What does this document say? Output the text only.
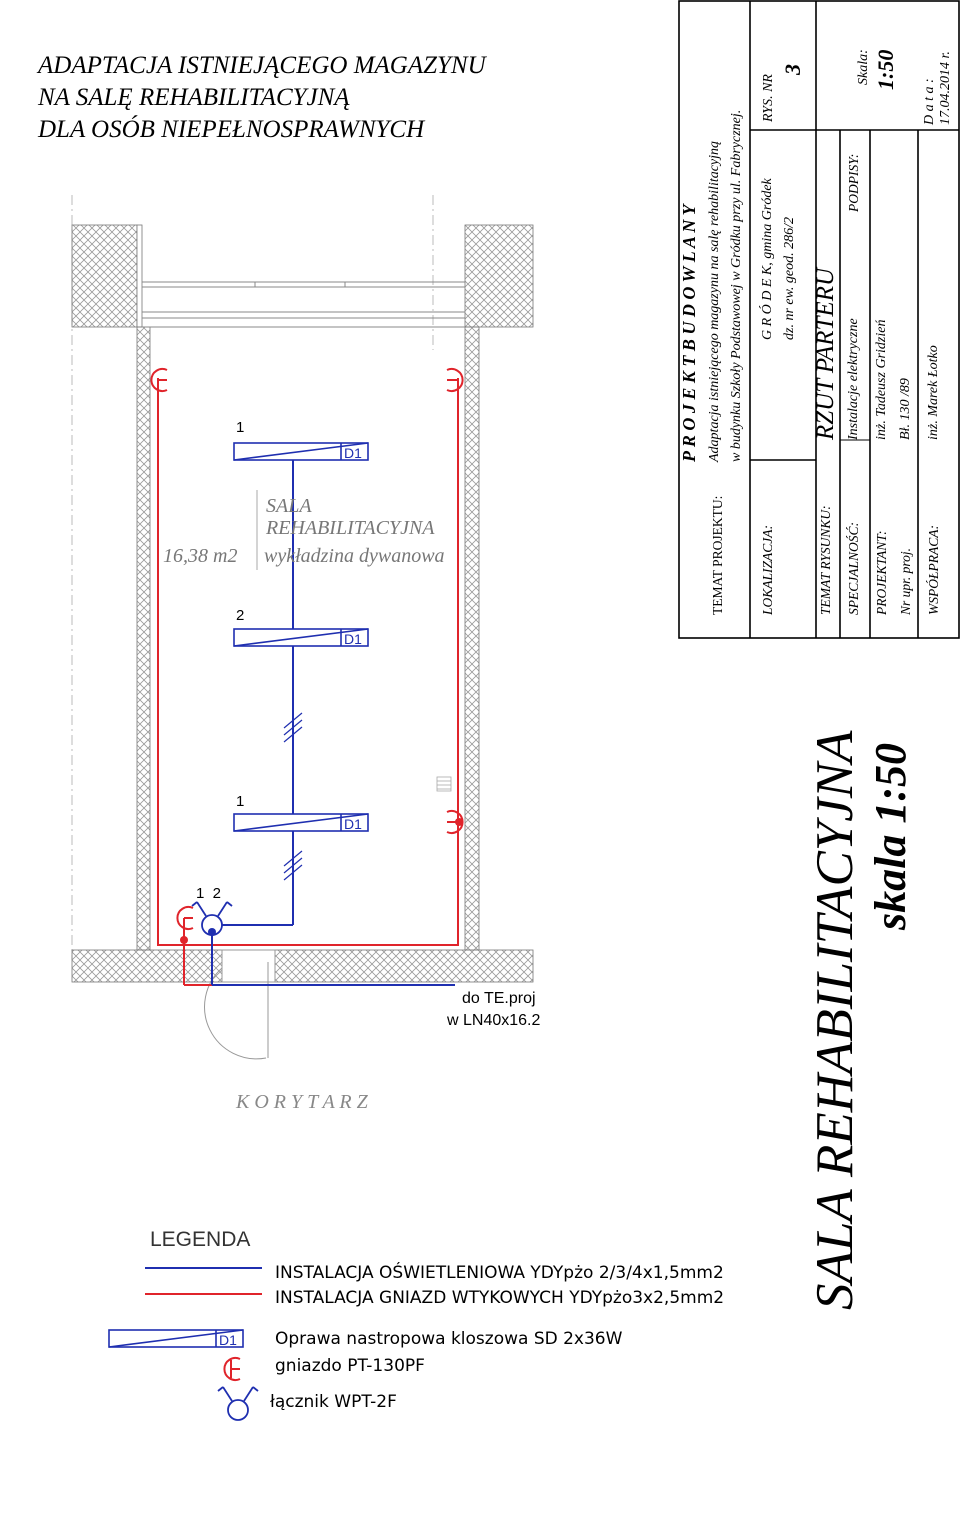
ADAPTACJA ISTNIEJĄCEGO MAGAZYNU
NA SALĘ REHABILITACYJNĄ
DLA OSÓB NIEPEŁNOSPRAWNYCH
D1
D1
D1
1
2
1
1  2
SALA
REHABILITACYJNA
16,38 m2 wykładzina dywanowa
do TE.proj
w LN40x16.2
K O R Y T A R Z
LEGENDA
D1
INSTALACJA OŚWIETLENIOWA YDYpżo 2/3/4x1,5mm2
INSTALACJA GNIAZD WTYKOWYCH YDYpżo3x2,5mm2
Oprawa nastropowa kloszowa SD 2x36W
gniazdo PT-130PF
łącznik WPT-2F
P R O J E K T B U D O W L A N Y Adaptacja istniejącego magazynu na salę rehabilitacyjną w budynku Szkoły Podstawowej w Gródku przy ul. Fabrycznej.
TEMAT PROJEKTU:	LOKALIZACJA:
G R Ó D E K, gmina Gródek dz. nr ew. geod. 286/2
RYS. NR
3
TEMAT RYSUNKU:
RZUT PARTERU
SPECJALNOŚĆ:
Instalacje elektryczne
PODPISY:
PROJEKTANT:
inż. Tadeusz Gridzień
Nr upr. proj.
Bł. 130 /89
WSPÓŁPRACA:
inż. Marek Łotko
Skala: 1:50
D a t a : 17.04.2014 r.
SALA REHABILITACYJNA skala 1:50
